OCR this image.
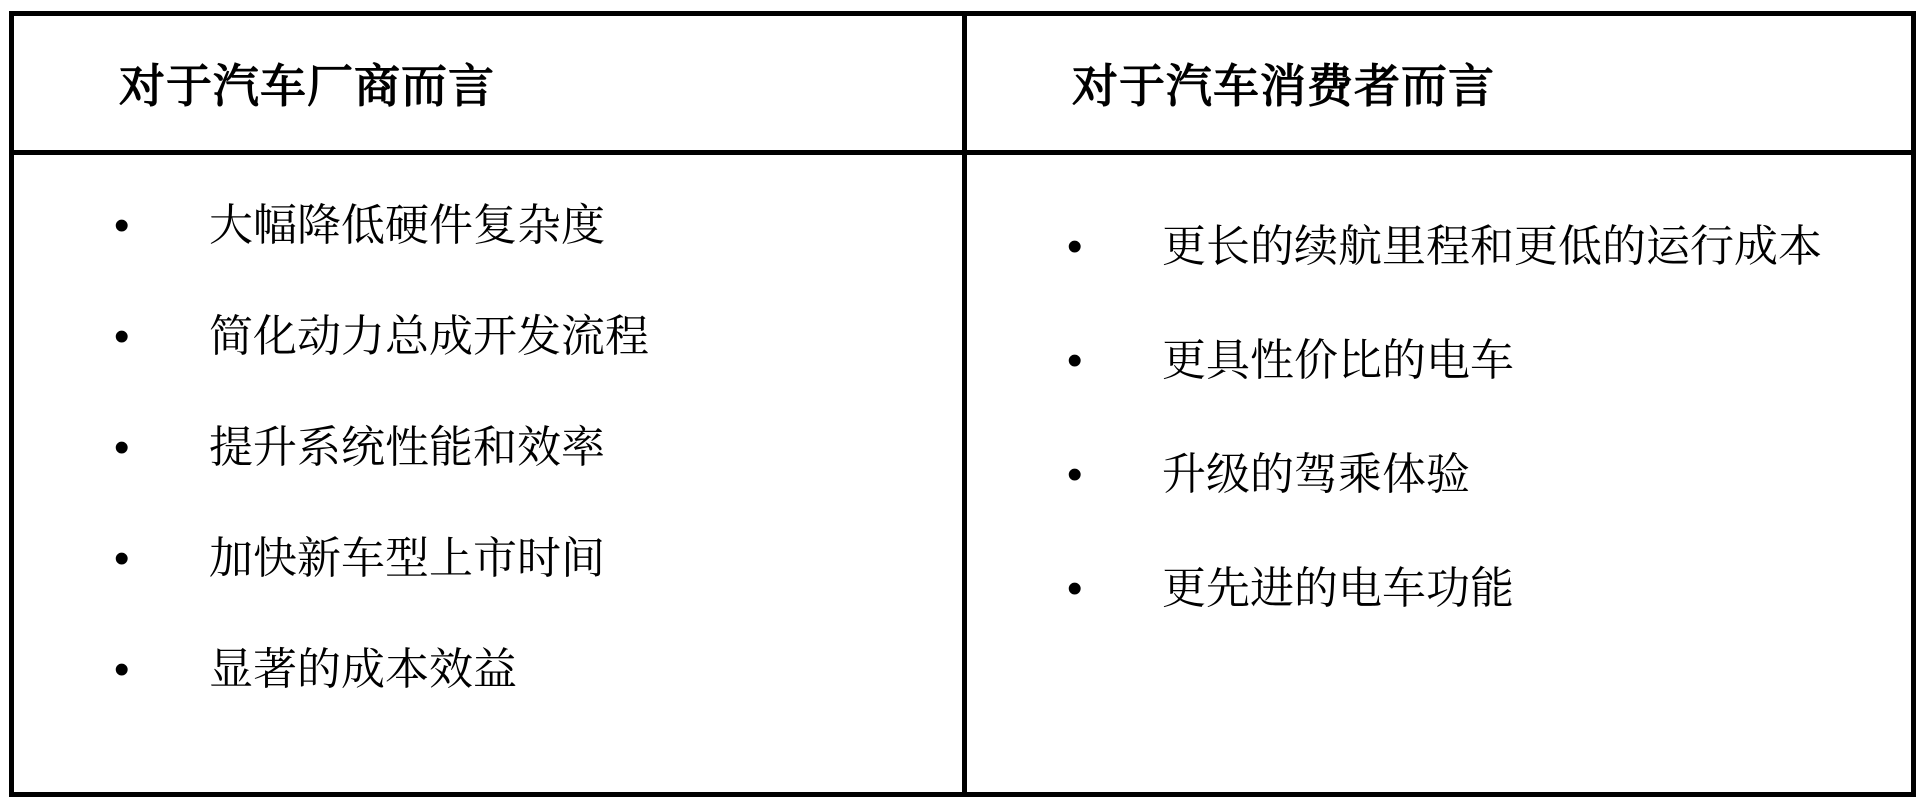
对于汽车厂商而言	对于汽车消费者而言
• 大幅降低硬件复杂度
• 简化动力总成开发流程
• 提升系统性能和效率
• 加快新车型上市时间
• 显著的成本效益
• 更长的续航里程和更低的运行成本
• 更具性价比的电车
• 升级的驾乘体验
• 更先进的电车功能
